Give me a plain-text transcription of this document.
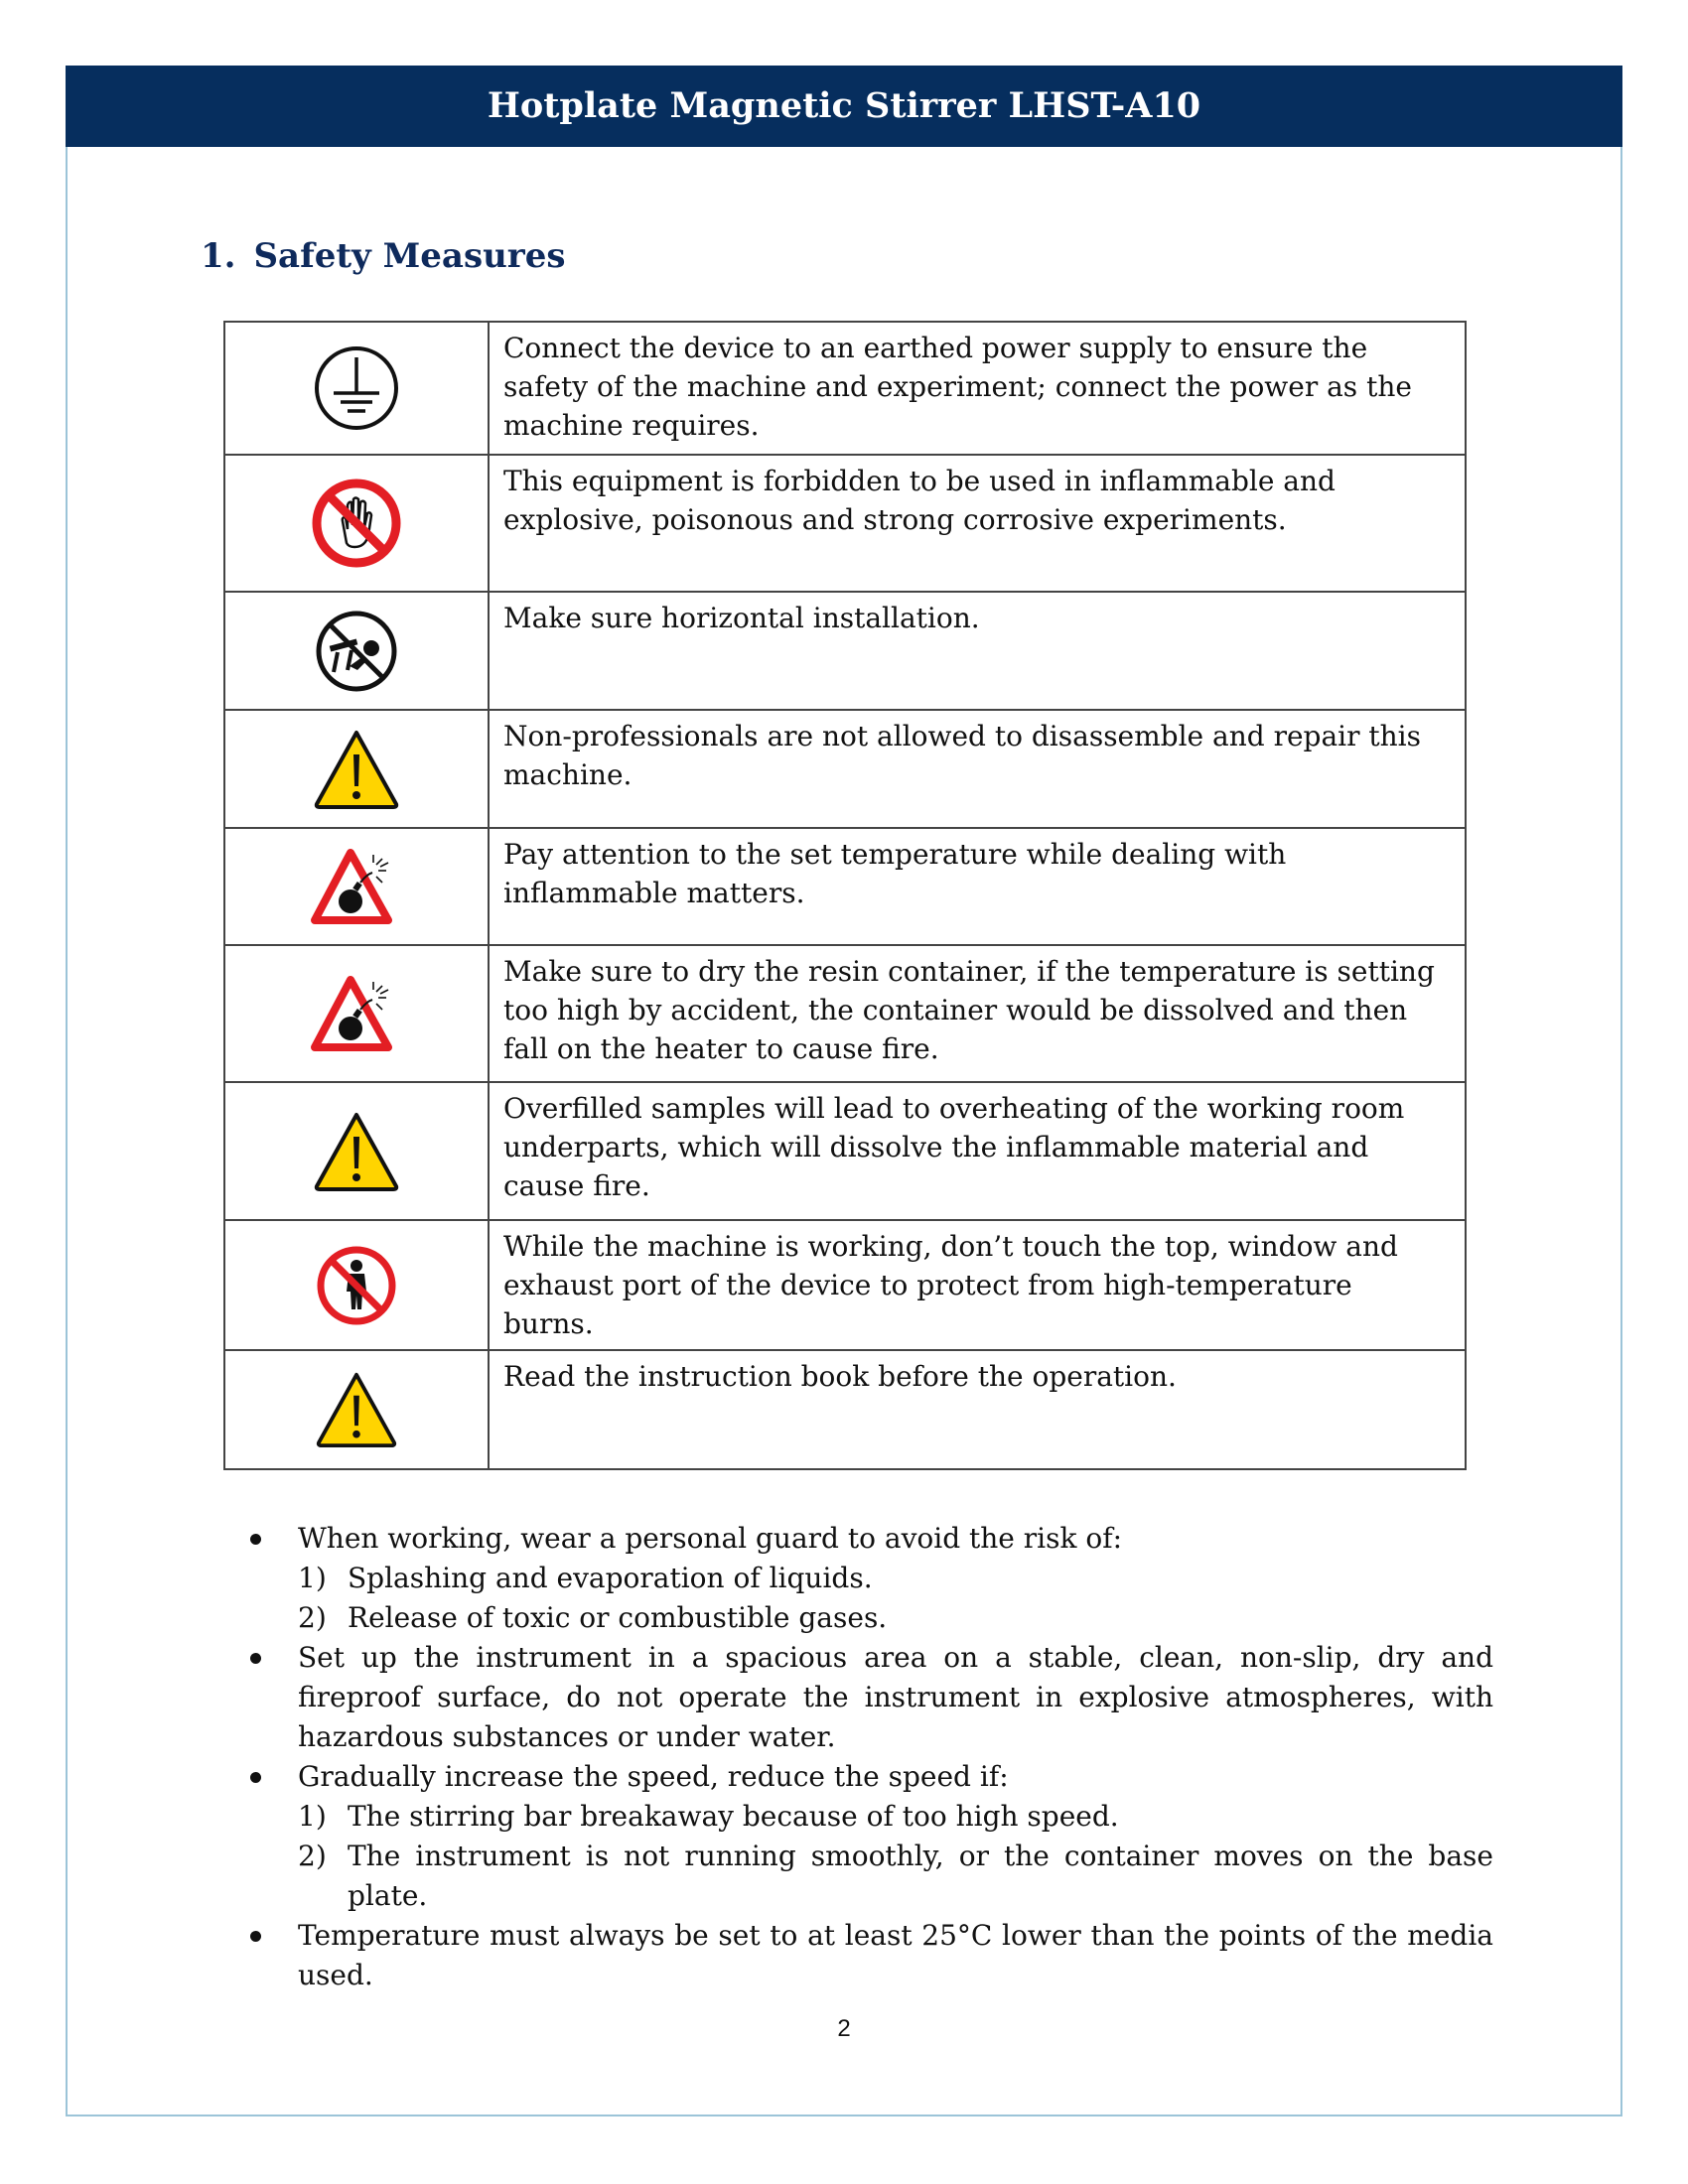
Hotplate Magnetic Stirrer LHST-A10
1. Safety Measures
	Connect the device to an earthed power supply to ensure the safety of the machine and experiment; connect the power as the machine requires.
	This equipment is forbidden to be used in inflammable and explosive, poisonous and strong corrosive experiments.
	Make sure horizontal installation.
	Non-professionals are not allowed to disassemble and repair this machine.
	Pay attention to the set temperature while dealing with inflammable matters.
	Make sure to dry the resin container, if the temperature is setting too high by accident, the container would be dissolved and then fall on the heater to cause fire.
	Overfilled samples will lead to overheating of the working room underparts, which will dissolve the inflammable material and cause fire.
	While the machine is working, don’t touch the top, window and exhaust port of the device to protect from high-temperature burns.
	Read the instruction book before the operation.
When working, wear a personal guard to avoid the risk of:
1) Splashing and evaporation of liquids.
2) Release of toxic or combustible gases.
Set up the instrument in a spacious area on a stable, clean, non-slip, dry and fireproof surface, do not operate the instrument in explosive atmospheres, with hazardous substances or under water.
Gradually increase the speed, reduce the speed if:
1) The stirring bar breakaway because of too high speed.
2) The instrument is not running smoothly, or the container moves on the base plate.
Temperature must always be set to at least 25°C lower than the points of the media used.
2
